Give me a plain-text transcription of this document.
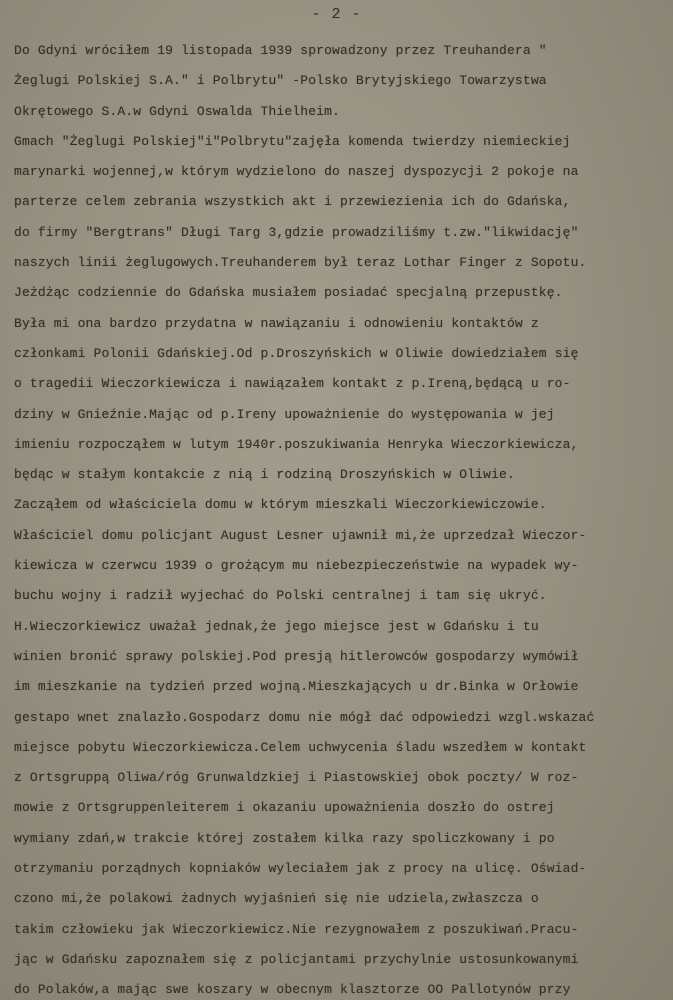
- 2 -
Do Gdyni wróciłem 19 listopada 1939 sprowadzony przez Treuhandera "
Żeglugi Polskiej S.A." i Polbrytu" -Polsko Brytyjskiego Towarzystwa
Okrętowego S.A.w Gdyni Oswalda Thielheim.
Gmach "Żeglugi Polskiej"i"Polbrytu"zajęła komenda twierdzy niemieckiej
marynarki wojennej,w którym wydzielono do naszej dyspozycji 2 pokoje na
parterze celem zebrania wszystkich akt i przewiezienia ich do Gdańska,
do firmy "Bergtrans" Długi Targ 3,gdzie prowadziliśmy t.zw."likwidację"
naszych linii żeglugowych.Treuhanderem był teraz Lothar Finger z Sopotu.
Jeżdżąc codziennie do Gdańska musiałem posiadać specjalną przepustkę.
Była mi ona bardzo przydatna w nawiązaniu i odnowieniu kontaktów z
członkami Polonii Gdańskiej.Od p.Droszyńskich w Oliwie dowiedziałem się
o tragedii Wieczorkiewicza i nawiązałem kontakt z p.Ireną,będącą u ro-
dziny w Gnieźnie.Mając od p.Ireny upoważnienie do występowania w jej
imieniu rozpocząłem w lutym 1940r.poszukiwania Henryka Wieczorkiewicza,
będąc w stałym kontakcie z nią i rodziną Droszyńskich w Oliwie.
Zacząłem od właściciela domu w którym mieszkali Wieczorkiewiczowie.
Właściciel domu policjant August Lesner ujawnił mi,że uprzedzał Wieczor-
kiewicza w czerwcu 1939 o grożącym mu niebezpieczeństwie na wypadek wy-
buchu wojny i radził wyjechać do Polski centralnej i tam się ukryć.
H.Wieczorkiewicz uważał jednak,że jego miejsce jest w Gdańsku i tu
winien bronić sprawy polskiej.Pod presją hitlerowców gospodarzy wymówił
im mieszkanie na tydzień przed wojną.Mieszkających u dr.Binka w Orłowie
gestapo wnet znalazło.Gospodarz domu nie mógł dać odpowiedzi wzgl.wskazać
miejsce pobytu Wieczorkiewicza.Celem uchwycenia śladu wszedłem w kontakt
z Ortsgruppą Oliwa/róg Grunwaldzkiej i Piastowskiej obok poczty/ W roz-
mowie z Ortsgruppenleiterem i okazaniu upoważnienia doszło do ostrej
wymiany zdań,w trakcie której zostałem kilka razy spoliczkowany i po
otrzymaniu porządnych kopniaków wyleciałem jak z procy na ulicę. Oświad-
czono mi,że polakowi żadnych wyjaśnień się nie udziela,zwłaszcza o
takim człowieku jak Wieczorkiewicz.Nie rezygnowałem z poszukiwań.Pracu-
jąc w Gdańsku zapoznałem się z policjantami przychylnie ustosunkowanymi
do Polaków,a mając swe koszary w obecnym klasztorze OO Pallotynów przy
